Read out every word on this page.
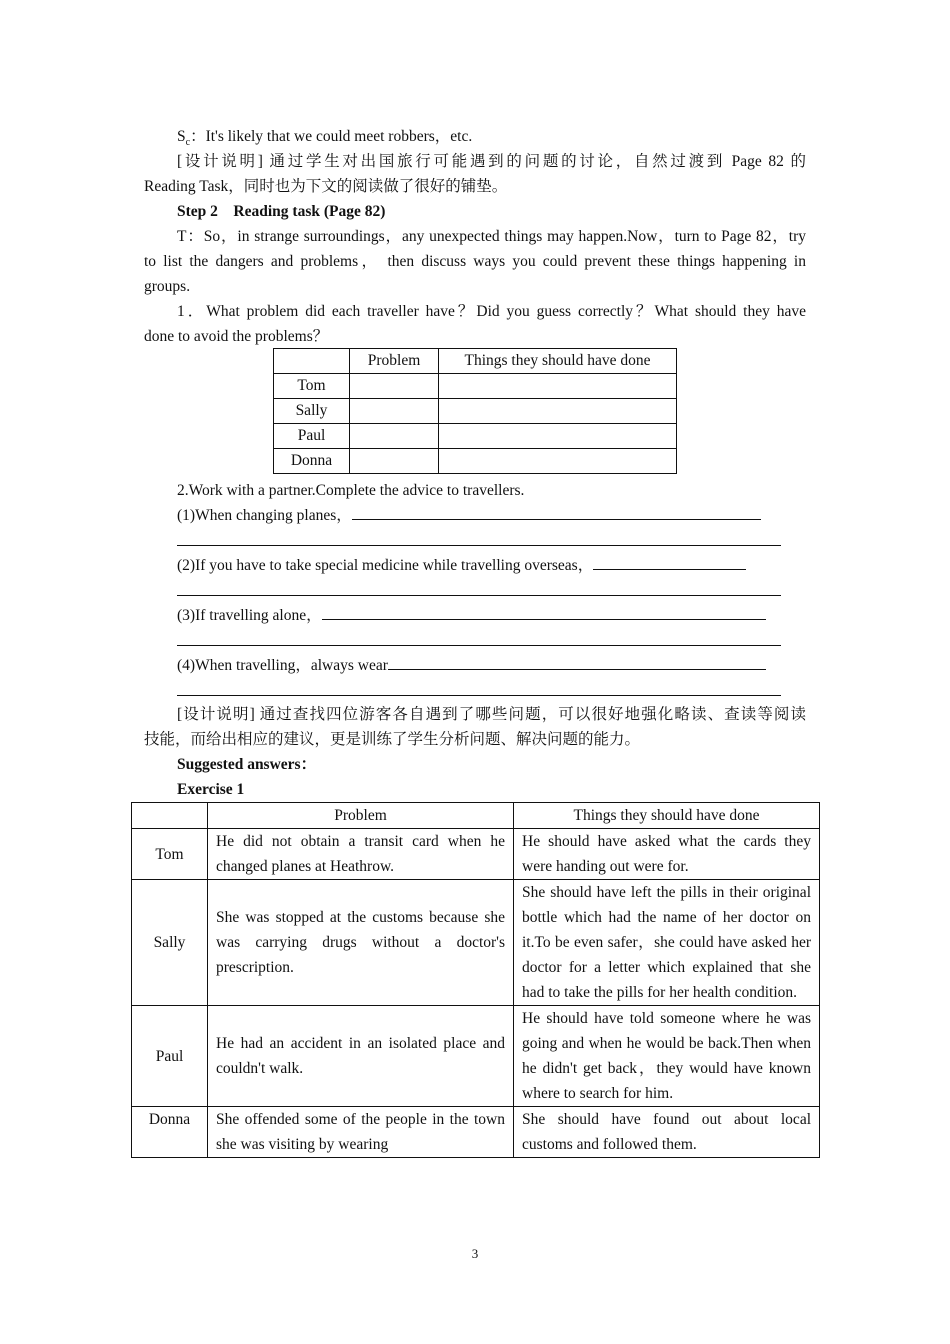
$S_c$：It's likely that we could meet robbers，etc.
[设计说明] 通过学生对出国旅行可能遇到的问题的讨论，自然过渡到 Page 82 的
Reading Task，同时也为下文的阅读做了很好的铺垫。
Step 2　Reading task (Page 82)
T：So，in strange surroundings，any unexpected things may happen.Now，turn to Page 82，try
to list the dangers and problems， then discuss ways you could prevent these things happening in
groups.
1．What problem did each traveller have？Did you guess correctly？What should they have
done to avoid the problems？
	Problem	Things they should have done
Tom		
Sally		
Paul		
Donna		
2.Work with a partner.Complete the advice to travellers.
(1)When changing planes，
(2)If you have to take special medicine while travelling overseas，
(3)If travelling alone，
(4)When travelling，always wear
[设计说明] 通过查找四位游客各自遇到了哪些问题，可以很好地强化略读、查读等阅读
技能，而给出相应的建议，更是训练了学生分析问题、解决问题的能力。
Suggested answers：
Exercise 1
	Problem	Things they should have done
Tom	He did not obtain a transit card when he changed planes at Heathrow.	He should have asked what the cards they were handing out were for.
Sally	She was stopped at the customs because she was carrying drugs without a doctor's prescription.	She should have left the pills in their original bottle which had the name of her doctor on it.To be even safer，she could have asked her doctor for a letter which explained that she had to take the pills for her health condition.
Paul	He had an accident in an isolated place and couldn't walk.	He should have told someone where he was going and when he would be back.Then when he didn't get back，they would have known where to search for him.
Donna	She offended some of the people in the town she was visiting by wearing	She should have found out about local customs and followed them.
3
